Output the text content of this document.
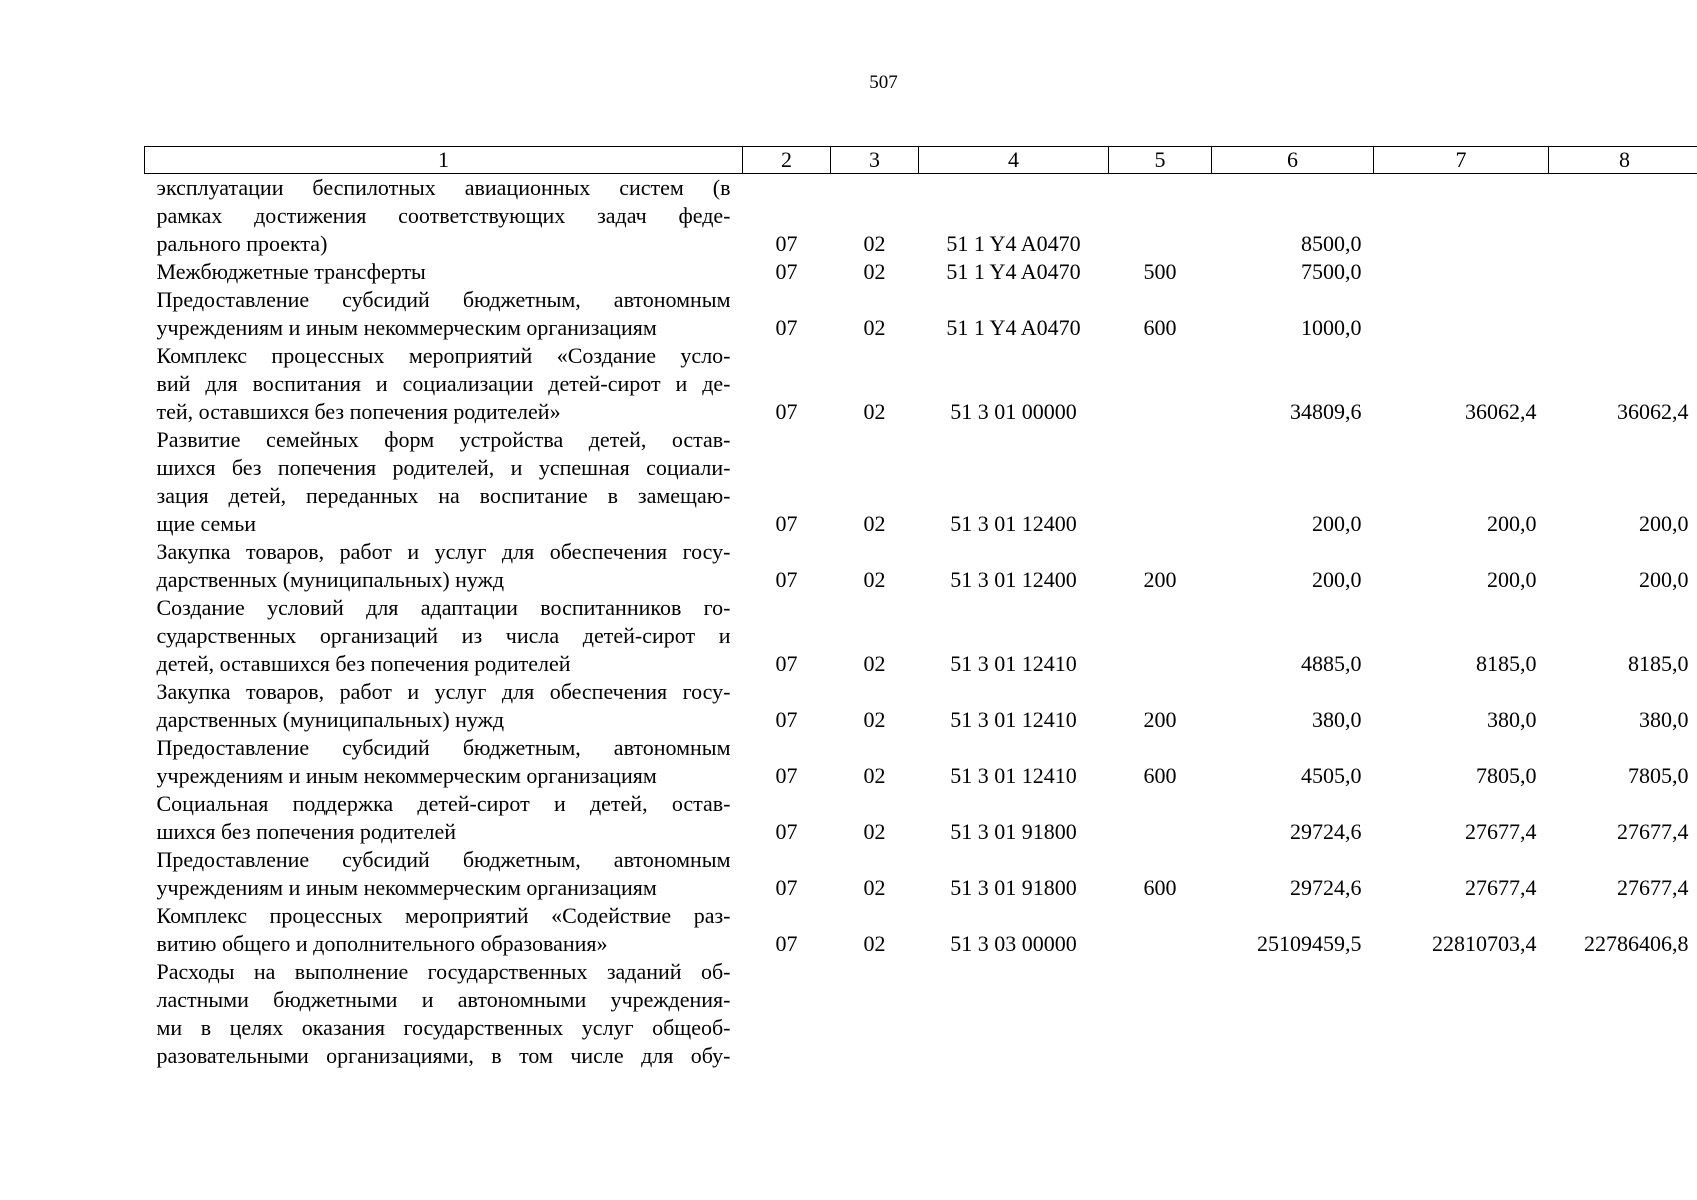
507
1	2	3	4	5	6	7	8

эксплуатации беспилотных авиационных систем (в
рамках достижения соответствующих задач феде-
рального проекта)	07	02	51 1 Y4 A0470		8500,0		

Межбюджетные трансферты	07	02	51 1 Y4 A0470	500	7500,0		

Предоставление субсидий бюджетным, автономным
учреждениям и иным некоммерческим организациям	07	02	51 1 Y4 A0470	600	1000,0		

Комплекс процессных мероприятий «Создание усло-
вий для воспитания и социализации детей-сирот и де-
тей, оставшихся без попечения родителей»	07	02	51 3 01 00000		34809,6	36062,4	36062,4

Развитие семейных форм устройства детей, остав-
шихся без попечения родителей, и успешная социали-
зация детей, переданных на воспитание в замещаю-
щие семьи	07	02	51 3 01 12400		200,0	200,0	200,0

Закупка товаров, работ и услуг для обеспечения госу-
дарственных (муниципальных) нужд	07	02	51 3 01 12400	200	200,0	200,0	200,0

Создание условий для адаптации воспитанников го-
сударственных организаций из числа детей-сирот и
детей, оставшихся без попечения родителей	07	02	51 3 01 12410		4885,0	8185,0	8185,0

Закупка товаров, работ и услуг для обеспечения госу-
дарственных (муниципальных) нужд	07	02	51 3 01 12410	200	380,0	380,0	380,0

Предоставление субсидий бюджетным, автономным
учреждениям и иным некоммерческим организациям	07	02	51 3 01 12410	600	4505,0	7805,0	7805,0

Социальная поддержка детей-сирот и детей, остав-
шихся без попечения родителей	07	02	51 3 01 91800		29724,6	27677,4	27677,4

Предоставление субсидий бюджетным, автономным
учреждениям и иным некоммерческим организациям	07	02	51 3 01 91800	600	29724,6	27677,4	27677,4

Комплекс процессных мероприятий «Содействие раз-
витию общего и дополнительного образования»	07	02	51 3 03 00000		25109459,5	22810703,4	22786406,8

Расходы на выполнение государственных заданий об-
ластными бюджетными и автономными учреждения-
ми в целях оказания государственных услуг общеоб-
разовательными организациями, в том числе для обу-							
